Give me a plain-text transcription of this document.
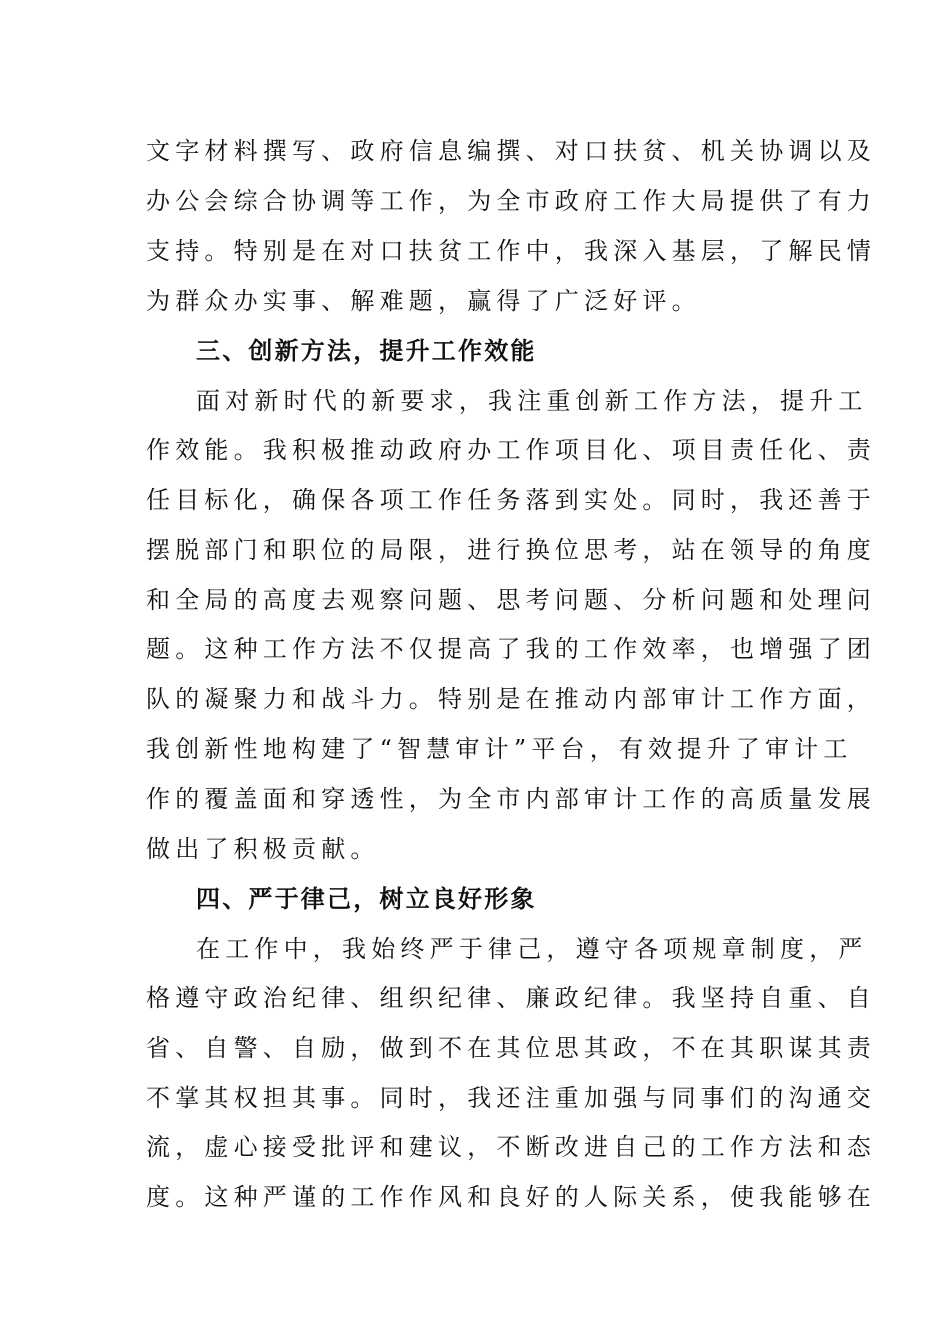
文字材料撰写、政府信息编撰、对口扶贫、机关协调以及
办公会综合协调等工作，为全市政府工作大局提供了有力
支持。特别是在对口扶贫工作中，我深入基层，了解民情
为群众办实事、解难题，赢得了广泛好评。
三、创新方法，提升工作效能
面对新时代的新要求，我注重创新工作方法，提升工
作效能。我积极推动政府办工作项目化、项目责任化、责
任目标化，确保各项工作任务落到实处。同时，我还善于
摆脱部门和职位的局限，进行换位思考，站在领导的角度
和全局的高度去观察问题、思考问题、分析问题和处理问
题。这种工作方法不仅提高了我的工作效率，也增强了团
队的凝聚力和战斗力。特别是在推动内部审计工作方面，
我创新性地构建了“智慧审计”平台，有效提升了审计工
作的覆盖面和穿透性，为全市内部审计工作的高质量发展
做出了积极贡献。
四、严于律己，树立良好形象
在工作中，我始终严于律己，遵守各项规章制度，严
格遵守政治纪律、组织纪律、廉政纪律。我坚持自重、自
省、自警、自励，做到不在其位思其政，不在其职谋其责
不掌其权担其事。同时，我还注重加强与同事们的沟通交
流，虚心接受批评和建议，不断改进自己的工作方法和态
度。这种严谨的工作作风和良好的人际关系，使我能够在
